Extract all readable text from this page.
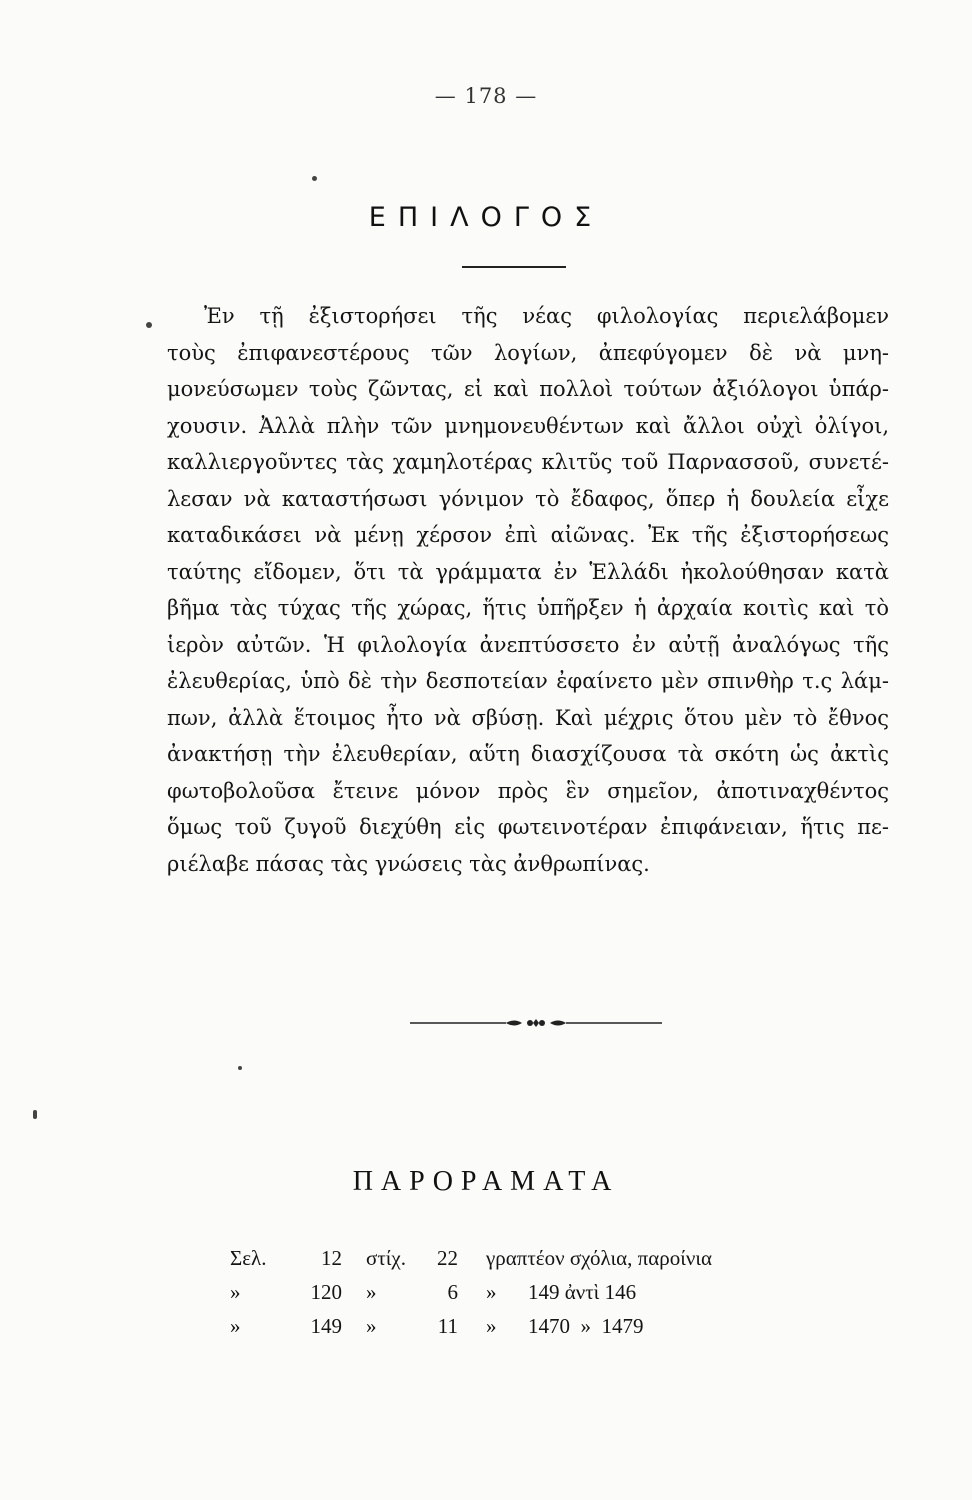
— 178 —
ΕΠΙΛΟΓΟΣ
Ἐν τῇ ἐξιστορήσει τῆς νέας φιλολογίας περιελάβομεν
τοὺς ἐπιφανεστέρους τῶν λογίων, ἀπεφύγομεν δὲ νὰ μνη-
μονεύσωμεν τοὺς ζῶντας, εἰ καὶ πολλοὶ τούτων ἀξιόλογοι ὑπάρ-
χουσιν. Ἀλλὰ πλὴν τῶν μνημονευθέντων καὶ ἄλλοι οὐχὶ ὀλίγοι,
καλλιεργοῦντες τὰς χαμηλοτέρας κλιτῦς τοῦ Παρνασσοῦ, συνετέ-
λεσαν νὰ καταστήσωσι γόνιμον τὸ ἔδαφος, ὅπερ ἡ δουλεία εἶχε
καταδικάσει νὰ μένῃ χέρσον ἐπὶ αἰῶνας. Ἐκ τῆς ἐξιστορήσεως
ταύτης εἴδομεν, ὅτι τὰ γράμματα ἐν Ἑλλάδι ἠκολούθησαν κατὰ
βῆμα τὰς τύχας τῆς χώρας, ἥτις ὑπῆρξεν ἡ ἀρχαία κοιτὶς καὶ τὸ
ἱερὸν αὐτῶν. Ἡ φιλολογία ἀνεπτύσσετο ἐν αὐτῇ ἀναλόγως τῆς
ἐλευθερίας, ὑπὸ δὲ τὴν δεσποτείαν ἐφαίνετο μὲν σπινθὴρ τ.ς λάμ-
πων, ἀλλὰ ἕτοιμος ἦτο νὰ σβύσῃ. Καὶ μέχρις ὅτου μὲν τὸ ἔθνος
ἀνακτήσῃ τὴν ἐλευθερίαν, αὕτη διασχίζουσα τὰ σκότη ὡς ἀκτὶς
φωτοβολοῦσα ἔτεινε μόνον πρὸς ἓν σημεῖον, ἀποτιναχθέντος
ὅμως τοῦ ζυγοῦ διεχύθη εἰς φωτεινοτέραν ἐπιφάνειαν, ἥτις πε-
ριέλαβε πάσας τὰς γνώσεις τὰς ἀνθρωπίνας.
ΠΑΡΟΡΑΜΑΤΑ
Σελ.	12 στίχ.	22 γραπτέον σχόλια, παροίνια
»	120 »	6 »      149 ἀντὶ 146
»	149 »	11 »      1470  »  1479
